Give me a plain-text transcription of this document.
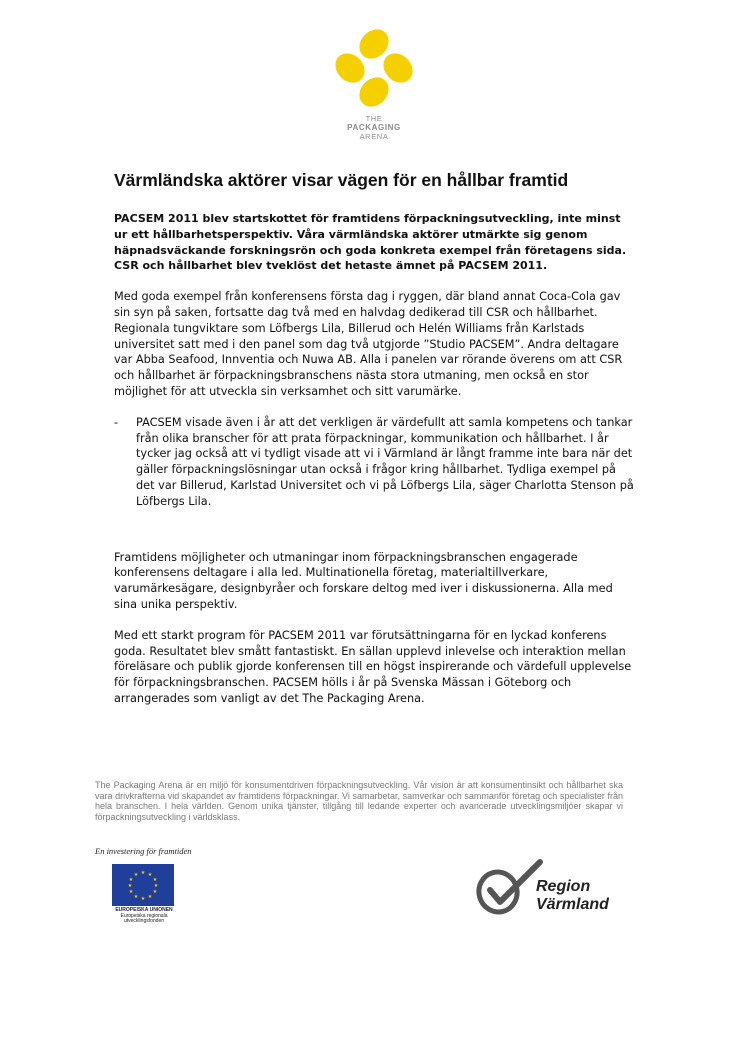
THE
PACKAGING
ARENA
Värmländska aktörer visar vägen för en hållbar framtid

PACSEM 2011 blev startskottet för framtidens förpackningsutveckling, inte minst ur ett hållbarhetsperspektiv. Våra värmländska aktörer utmärkte sig genom häpnadsväckande forskningsrön och goda konkreta exempel från företagens sida. CSR och hållbarhet blev tveklöst det hetaste ämnet på PACSEM 2011.

Med goda exempel från konferensens första dag i ryggen, där bland annat Coca-Cola gav sin syn på saken, fortsatte dag två med en halvdag dedikerad till CSR och hållbarhet. Regionala tungviktare som Löfbergs Lila, Billerud och Helén Williams från Karlstads universitet satt med i den panel som dag två utgjorde ”Studio PACSEM”. Andra deltagare var Abba Seafood, Innventia och Nuwa AB. Alla i panelen var rörande överens om att CSR och hållbarhet är förpackningsbranschens nästa stora utmaning, men också en stor möjlighet för att utveckla sin verksamhet och sitt varumärke.

- PACSEM visade även i år att det verkligen är värdefullt att samla kompetens och tankar från olika branscher för att prata förpackningar, kommunikation och hållbarhet. I år tycker jag också att vi tydligt visade att vi i Värmland är långt framme inte bara när det gäller förpackningslösningar utan också i frågor kring hållbarhet. Tydliga exempel på det var Billerud, Karlstad Universitet och vi på Löfbergs Lila, säger Charlotta Stenson på Löfbergs Lila.

Framtidens möjligheter och utmaningar inom förpackningsbranschen engagerade konferensens deltagare i alla led. Multinationella företag, materialtillverkare, varumärkesägare, designbyråer och forskare deltog med iver i diskussionerna. Alla med sina unika perspektiv.

Med ett starkt program för PACSEM 2011 var förutsättningarna för en lyckad konferens goda. Resultatet blev smått fantastiskt. En sällan upplevd inlevelse och interaktion mellan föreläsare och publik gjorde konferensen till en högst inspirerande och värdefull upplevelse för förpackningsbranschen. PACSEM hölls i år på Svenska Mässan i Göteborg och arrangerades som vanligt av det The Packaging Arena.

The Packaging Arena är en miljö för konsumentdriven förpackningsutveckling. Vår vision är att konsumentinsikt och hållbarhet ska vara drivkrafterna vid skapandet av framtidens förpackningar. Vi samarbetar, samverkar och sammanför företag och specialister från hela branschen. I hela världen. Genom unika tjänster, tillgång till ledande experter och avancerade utvecklingsmiljöer skapar vi förpackningsutveckling i världsklass.
En investering för framtiden
★ ★
★
★
★
★
★
★
★
★
★
★
EUROPEISKA UNIONEN
Europeiska regionala
utvecklingsfonden
Region
Värmland
